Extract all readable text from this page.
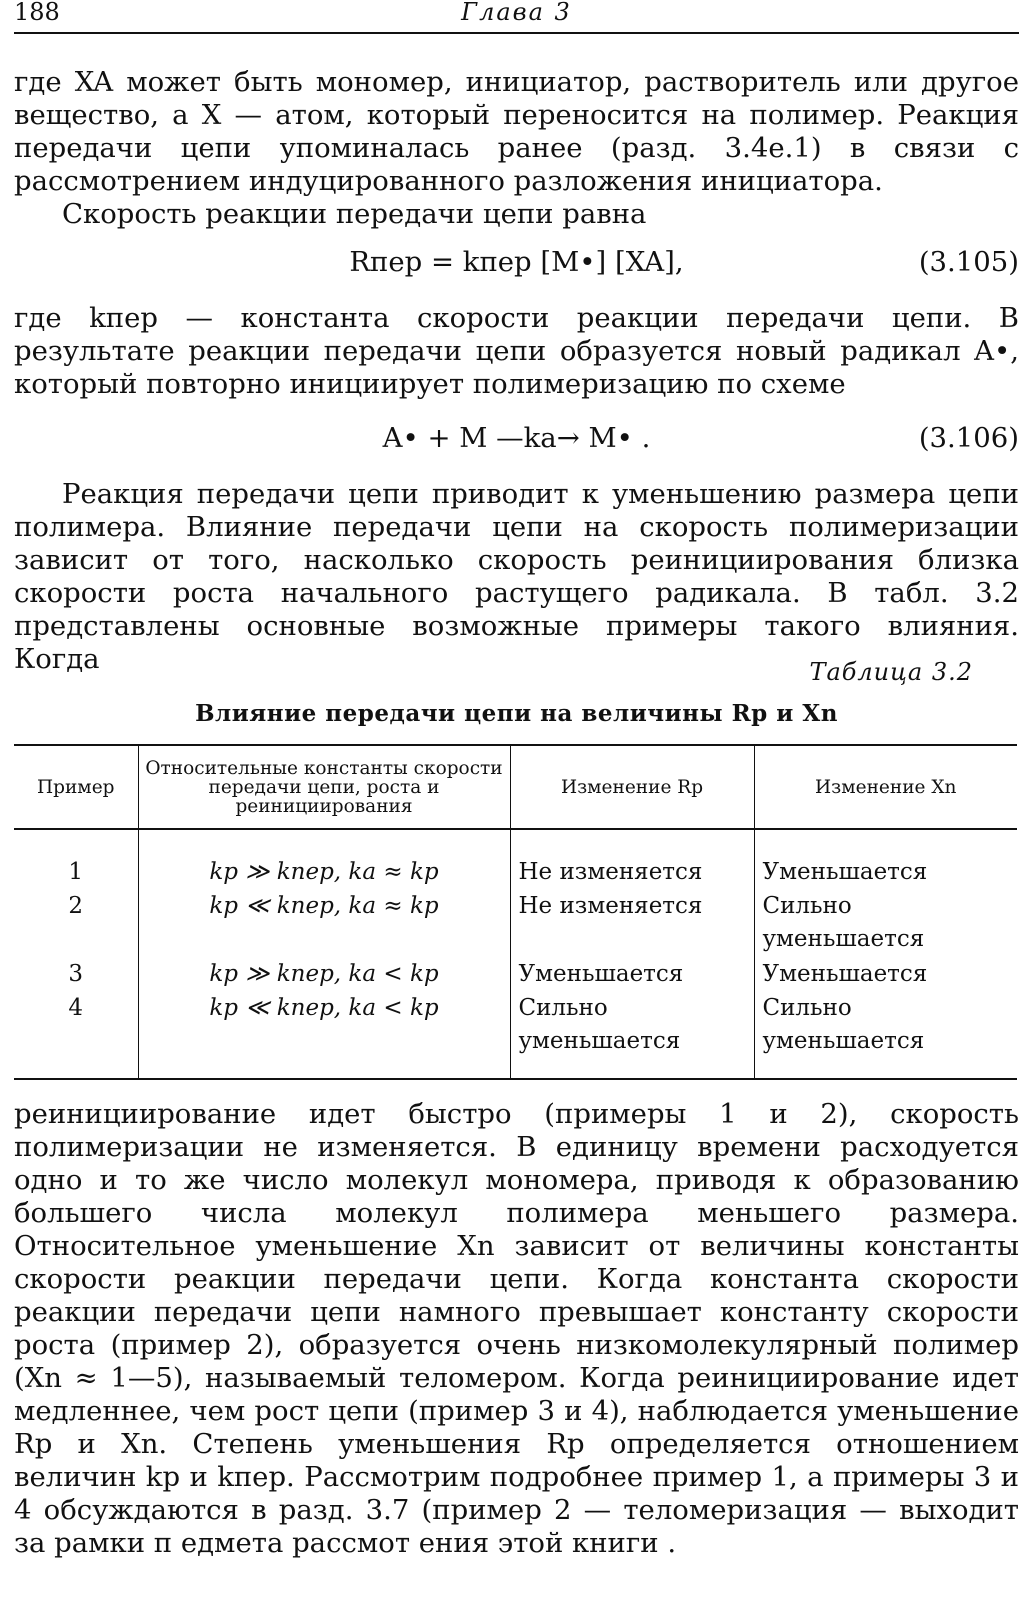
188	Глава 3

где XA может быть мономер, инициатор, растворитель или другое вещество, а X — атом, который переносится на полимер. Реакция передачи цепи упоминалась ранее (разд. 3.4е.1) в связи с рассмотрением индуцированного разложения инициатора.

Скорость реакции передачи цепи равна

Rпер = kпер [M•] [XA],	(3.105)

где kпер — константа скорости реакции передачи цепи. В результате реакции передачи цепи образуется новый радикал A•, который повторно инициирует полимеризацию по схеме

A• + M —ka→ M• .	(3.106)

Реакция передачи цепи приводит к уменьшению размера цепи полимера. Влияние передачи цепи на скорость полимеризации зависит от того, насколько скорость реинициирования близка скорости роста начального растущего радикала. В табл. 3.2 представлены основные возможные примеры такого влияния. Когда	Таблица 3.2
Влияние передачи цепи на величины Rр и Xn
Пример	Относительные константы скорости передачи цепи, роста и реинициирования	Изменение Rр	Изменение Xn
1	kр ≫ kпер, ka ≈ kр	Не изменяется	Уменьшается
2	kр ≪ kпер, ka ≈ kр	Не изменяется	Сильно уменьшается
3	kр ≫ kпер, ka < kр	Уменьшается	Уменьшается
4	kр ≪ kпер, ka < kр	Сильно уменьшается	Сильно уменьшается

реинициирование идет быстро (примеры 1 и 2), скорость полимеризации не изменяется. В единицу времени расходуется одно и то же число молекул мономера, приводя к образованию большего числа молекул полимера меньшего размера. Относительное уменьшение Xn зависит от величины константы скорости реакции передачи цепи. Когда константа скорости реакции передачи цепи намного превышает константу скорости роста (пример 2), образуется очень низкомолекулярный полимер (Xn ≈ 1—5), называемый теломером. Когда реинициирование идет медленнее, чем рост цепи (пример 3 и 4), наблюдается уменьшение Rр и Xn. Степень уменьшения Rр определяется отношением величин kр и kпер. Рассмотрим подробнее пример 1, а примеры 3 и 4 обсуждаются в разд. 3.7 (пример 2 — теломеризация — выходит за рамки п едмета рассмот ения этой книги .
